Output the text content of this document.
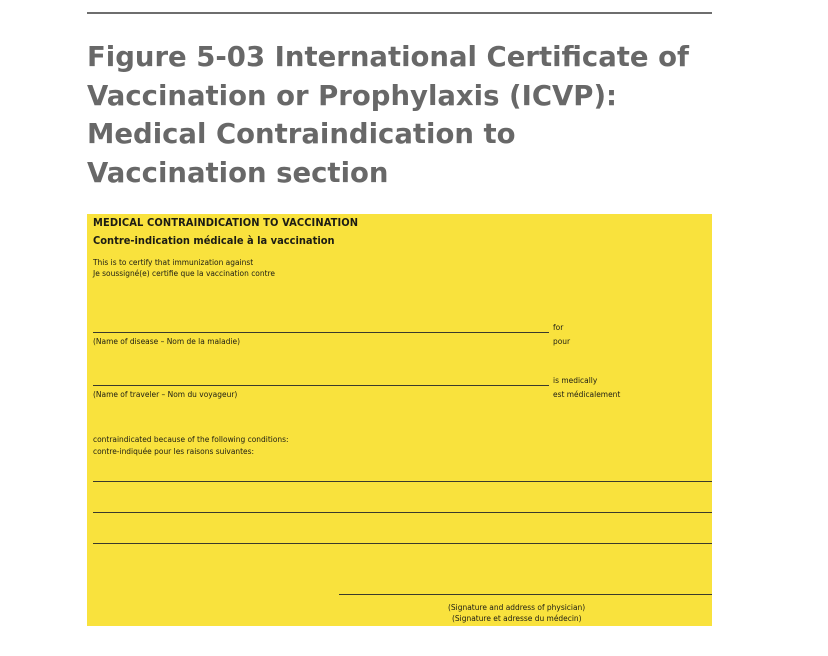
Figure 5-03 International Certificate of
Vaccination or Prophylaxis (ICVP):
Medical Contraindication to
Vaccination section
MEDICAL CONTRAINDICATION TO VACCINATION
Contre-indication médicale à la vaccination
This is to certify that immunization against
Je soussigné(e) certifie que la vaccination contre
for
(Name of disease – Nom de la maladie)	pour
is medically
(Name of traveler – Nom du voyageur)	est médicalement
contraindicated because of the following conditions:
contre-indiquée pour les raisons suivantes:
(Signature and address of physician)
(Signature et adresse du médecin)
